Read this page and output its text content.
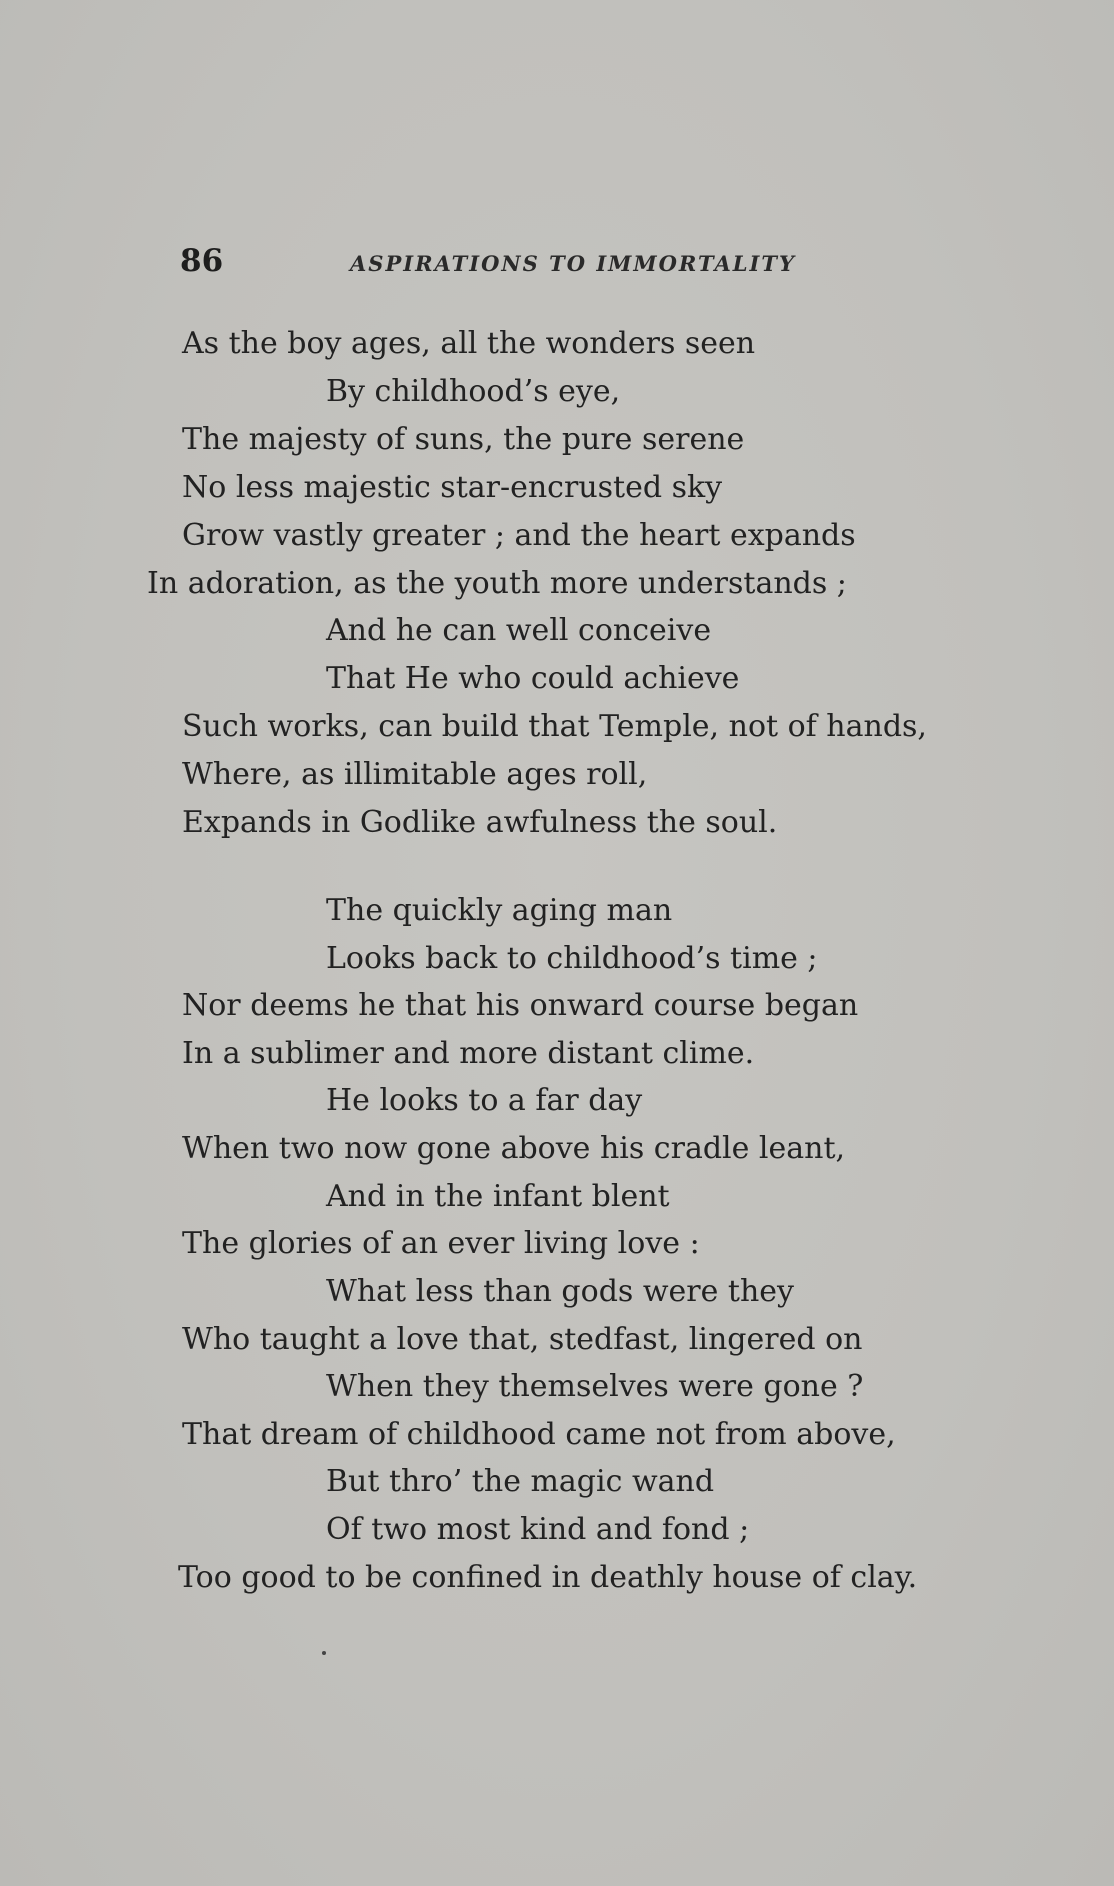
86	ASPIRATIONS TO IMMORTALITY
As the boy ages, all the wonders seen
By childhood’s eye,
The majesty of suns, the pure serene
No less majestic star-encrusted sky
Grow vastly greater ; and the heart expands
In adoration, as the youth more understands ;
And he can well conceive
That He who could achieve
Such works, can build that Temple, not of hands,
Where, as illimitable ages roll,
Expands in Godlike awfulness the soul.
The quickly aging man
Looks back to childhood’s time ;
Nor deems he that his onward course began
In a sublimer and more distant clime.
He looks to a far day
When two now gone above his cradle leant,
And in the infant blent
The glories of an ever living love :
What less than gods were they
Who taught a love that, stedfast, lingered on
When they themselves were gone ?
That dream of childhood came not from above,
But thro’ the magic wand
Of two most kind and fond ;
Too good to be confined in deathly house of clay.
